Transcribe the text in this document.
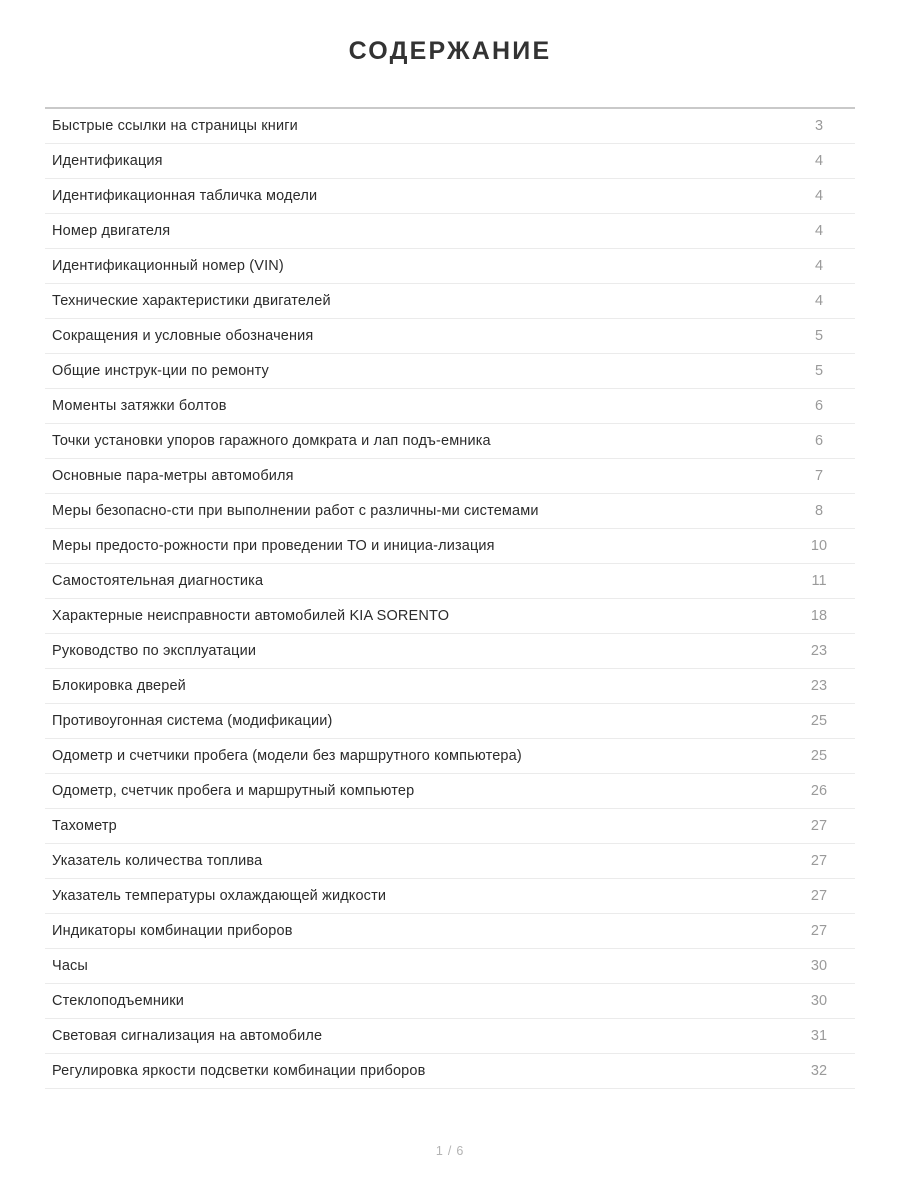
СОДЕРЖАНИЕ
Быстрые ссылки на страницы книги	3
Идентификация	4
Идентификационная табличка модели	4
Номер двигателя	4
Идентификационный номер (VIN)	4
Технические характеристики двигателей	4
Сокращения и условные обозначения	5
Общие инструк-ции по ремонту	5
Моменты затяжки болтов	6
Точки установки упоров гаражного домкрата и лап подъ-емника	6
Основные пара-метры автомобиля	7
Меры безопасно-сти при выполнении работ с различны-ми системами	8
Меры предосто-рожности при проведении ТО и инициа-лизация	10
Самостоятельная диагностика	11
Характерные неисправности автомобилей KIA SORENTO	18
Руководство по эксплуатации	23
Блокировка дверей	23
Противоугонная система (модификации)	25
Одометр и счетчики пробега (модели без маршрутного компьютера)	25
Одометр, счетчик пробега и маршрутный компьютер	26
Тахометр	27
Указатель количества топлива	27
Указатель температуры охлаждающей жидкости	27
Индикаторы комбинации приборов	27
Часы	30
Стеклоподъемники	30
Световая сигнализация на автомобиле	31
Регулировка яркости подсветки комбинации приборов	32
1 / 6
